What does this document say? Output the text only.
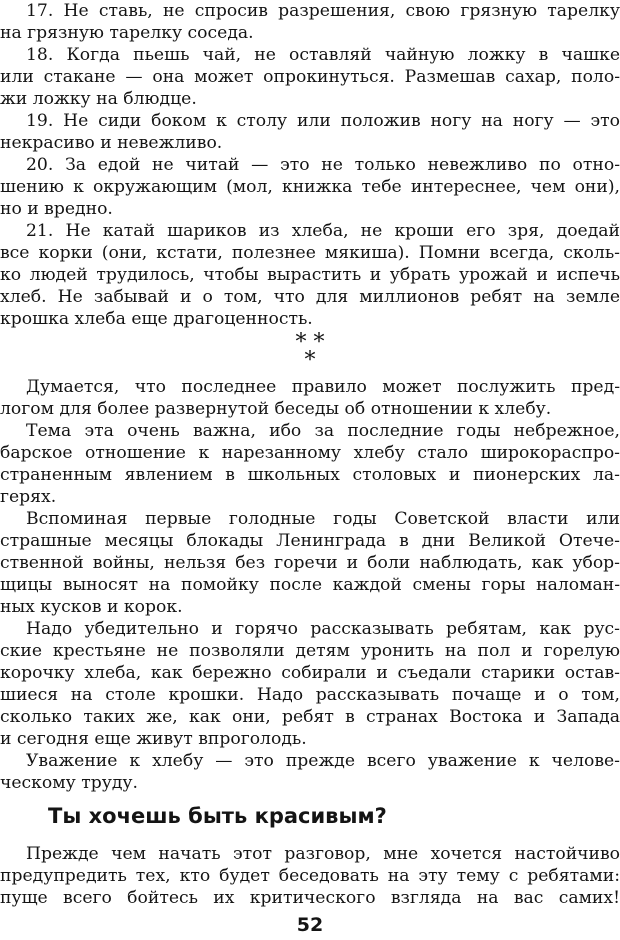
17. Не ставь, не спросив разрешения, свою грязную тарелку
на грязную тарелку соседа.
18. Когда пьешь чай, не оставляй чайную ложку в чашке
или стакане — она может опрокинуться. Размешав сахар, поло-
жи ложку на блюдце.
19. Не сиди боком к столу или положив ногу на ногу — это
некрасиво и невежливо.
20. За едой не читай — это не только невежливо по отно-
шению к окружающим (мол, книжка тебе интереснее, чем они),
но и вредно.
21. Не катай шариков из хлеба, не кроши его зря, доедай
все корки (они, кстати, полезнее мякиша). Помни всегда, сколь-
ко людей трудилось, чтобы вырастить и убрать урожай и испечь
хлеб. Не забывай и о том, что для миллионов ребят на земле
крошка хлеба еще драгоценность.
* *
*
Думается, что последнее правило может послужить пред-
логом для более развернутой беседы об отношении к хлебу.
Тема эта очень важна, ибо за последние годы небрежное,
барское отношение к нарезанному хлебу стало широкораспро-
страненным явлением в школьных столовых и пионерских ла-
герях.
Вспоминая первые голодные годы Советской власти или
страшные месяцы блокады Ленинграда в дни Великой Отече-
ственной войны, нельзя без горечи и боли наблюдать, как убор-
щицы выносят на помойку после каждой смены горы наломан-
ных кусков и корок.
Надо убедительно и горячо рассказывать ребятам, как рус-
ские крестьяне не позволяли детям уронить на пол и горелую
корочку хлеба, как бережно собирали и съедали старики остав-
шиеся на столе крошки. Надо рассказывать почаще и о том,
сколько таких же, как они, ребят в странах Востока и Запада
и сегодня еще живут впроголодь.
Уважение к хлебу — это прежде всего уважение к челове-
ческому труду.
Ты хочешь быть красивым?
Прежде чем начать этот разговор, мне хочется настойчиво
предупредить тех, кто будет беседовать на эту тему с ребятами:
пуще всего бойтесь их критического взгляда на вас самих!
52
